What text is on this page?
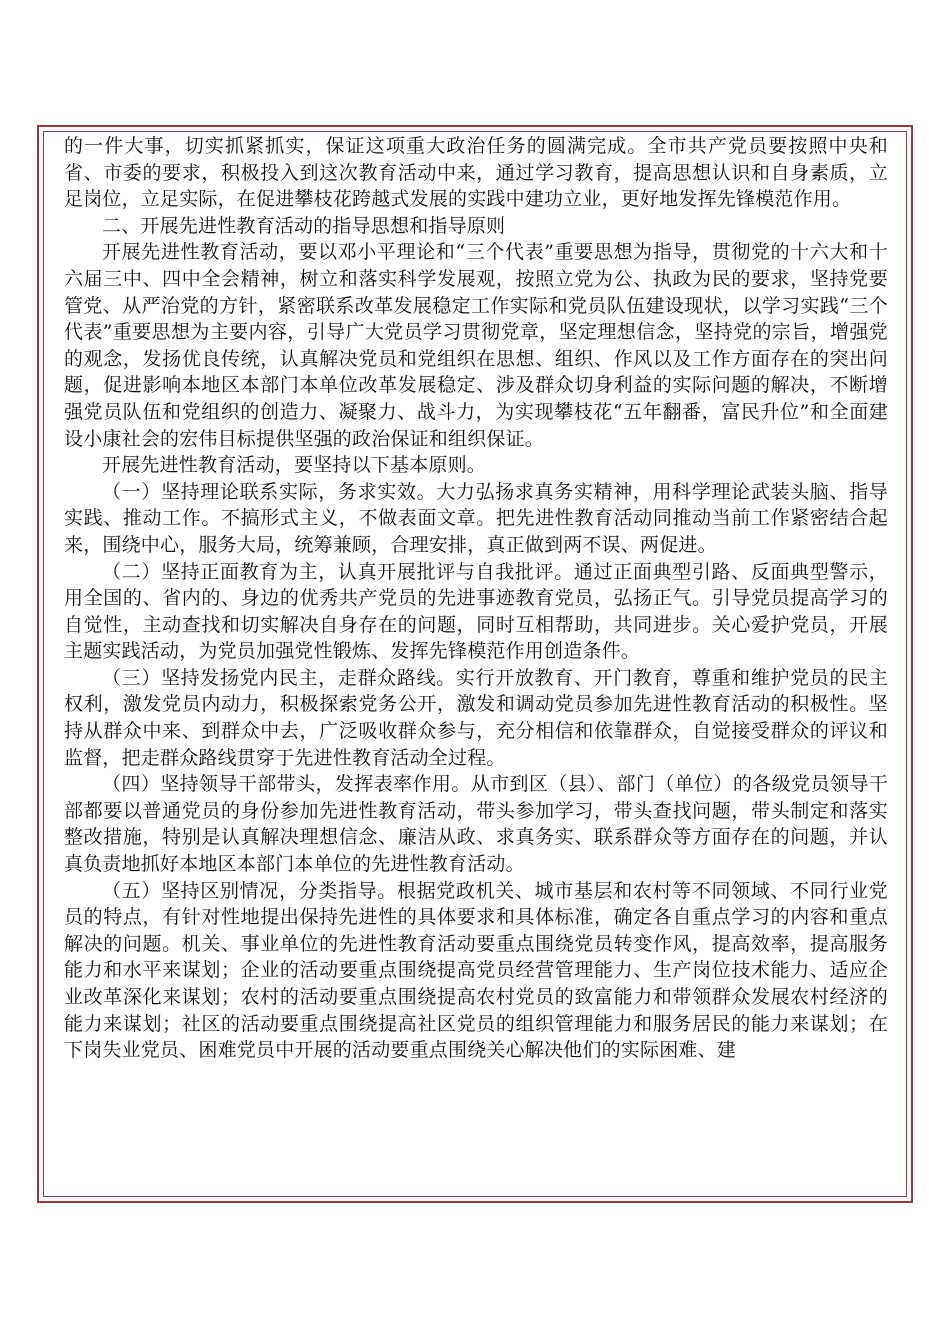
的一件大事，切实抓紧抓实，保证这项重大政治任务的圆满完成。全市共产党员要按照中央和省、市委的要求，积极投入到这次教育活动中来，通过学习教育，提高思想认识和自身素质，立足岗位，立足实际，在促进攀枝花跨越式发展的实践中建功立业，更好地发挥先锋模范作用。

二、开展先进性教育活动的指导思想和指导原则

开展先进性教育活动，要以邓小平理论和“三个代表”重要思想为指导，贯彻党的十六大和十六届三中、四中全会精神，树立和落实科学发展观，按照立党为公、执政为民的要求，坚持党要管党、从严治党的方针，紧密联系改革发展稳定工作实际和党员队伍建设现状，以学习实践“三个代表”重要思想为主要内容，引导广大党员学习贯彻党章，坚定理想信念，坚持党的宗旨，增强党的观念，发扬优良传统，认真解决党员和党组织在思想、组织、作风以及工作方面存在的突出问题，促进影响本地区本部门本单位改革发展稳定、涉及群众切身利益的实际问题的解决，不断增强党员队伍和党组织的创造力、凝聚力、战斗力，为实现攀枝花“五年翻番，富民升位”和全面建设小康社会的宏伟目标提供坚强的政治保证和组织保证。

开展先进性教育活动，要坚持以下基本原则。

（一）坚持理论联系实际，务求实效。大力弘扬求真务实精神，用科学理论武装头脑、指导实践、推动工作。不搞形式主义，不做表面文章。把先进性教育活动同推动当前工作紧密结合起来，围绕中心，服务大局，统筹兼顾，合理安排，真正做到两不误、两促进。

（二）坚持正面教育为主，认真开展批评与自我批评。通过正面典型引路、反面典型警示，用全国的、省内的、身边的优秀共产党员的先进事迹教育党员，弘扬正气。引导党员提高学习的自觉性，主动查找和切实解决自身存在的问题，同时互相帮助，共同进步。关心爱护党员，开展主题实践活动，为党员加强党性锻炼、发挥先锋模范作用创造条件。

（三）坚持发扬党内民主，走群众路线。实行开放教育、开门教育，尊重和维护党员的民主权利，激发党员内动力，积极探索党务公开，激发和调动党员参加先进性教育活动的积极性。坚持从群众中来、到群众中去，广泛吸收群众参与，充分相信和依靠群众，自觉接受群众的评议和监督，把走群众路线贯穿于先进性教育活动全过程。

（四）坚持领导干部带头，发挥表率作用。从市到区（县）、部门（单位）的各级党员领导干部都要以普通党员的身份参加先进性教育活动，带头参加学习，带头查找问题，带头制定和落实整改措施，特别是认真解决理想信念、廉洁从政、求真务实、联系群众等方面存在的问题，并认真负责地抓好本地区本部门本单位的先进性教育活动。

（五）坚持区别情况，分类指导。根据党政机关、城市基层和农村等不同领域、不同行业党员的特点，有针对性地提出保持先进性的具体要求和具体标准，确定各自重点学习的内容和重点解决的问题。机关、事业单位的先进性教育活动要重点围绕党员转变作风，提高效率，提高服务能力和水平来谋划；企业的活动要重点围绕提高党员经营管理能力、生产岗位技术能力、适应企业改革深化来谋划；农村的活动要重点围绕提高农村党员的致富能力和带领群众发展农村经济的能力来谋划；社区的活动要重点围绕提高社区党员的组织管理能力和服务居民的能力来谋划；在下岗失业党员、困难党员中开展的活动要重点围绕关心解决他们的实际困难、建
